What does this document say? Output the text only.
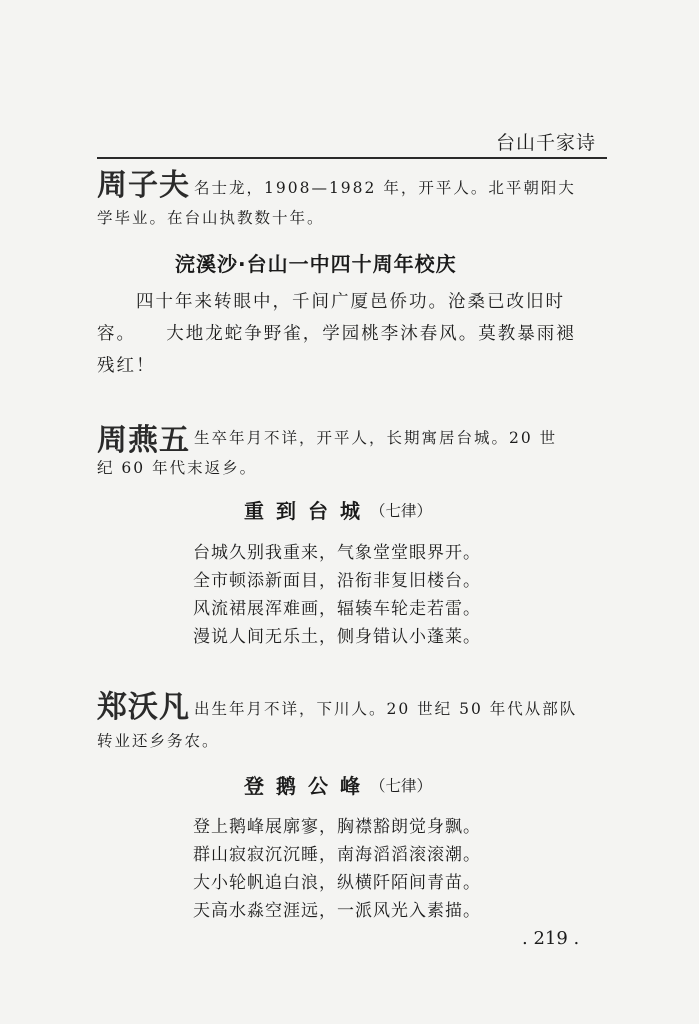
台山千家诗
周子夫 名士龙，1908—1982 年，开平人。北平朝阳大
学毕业。在台山执教数十年。
浣溪沙·台山一中四十周年校庆
四十年来转眼中，千间广厦邑侨功。沧桑已改旧时
容。　　大地龙蛇争野雀，学园桃李沐春风。莫教暴雨褪
残红！
周燕五 生卒年月不详，开平人，长期寓居台城。20 世
纪 60 年代末返乡。
重到台城
（七律）
台城久别我重来，气象堂堂眼界开。
全市顿添新面目，沿衔非复旧楼台。
风流裙展浑难画，辐辏车轮走若雷。
漫说人间无乐土，侧身错认小蓬莱。
郑沃凡 出生年月不详，下川人。20 世纪 50 年代从部队
转业还乡务农。
登鹅公峰
（七律）
登上鹅峰展廓寥，胸襟豁朗觉身飘。
群山寂寂沉沉睡，南海滔滔滚滚潮。
大小轮帆追白浪，纵横阡陌间青苗。
天高水淼空涯远，一派风光入素描。
. 219 .
